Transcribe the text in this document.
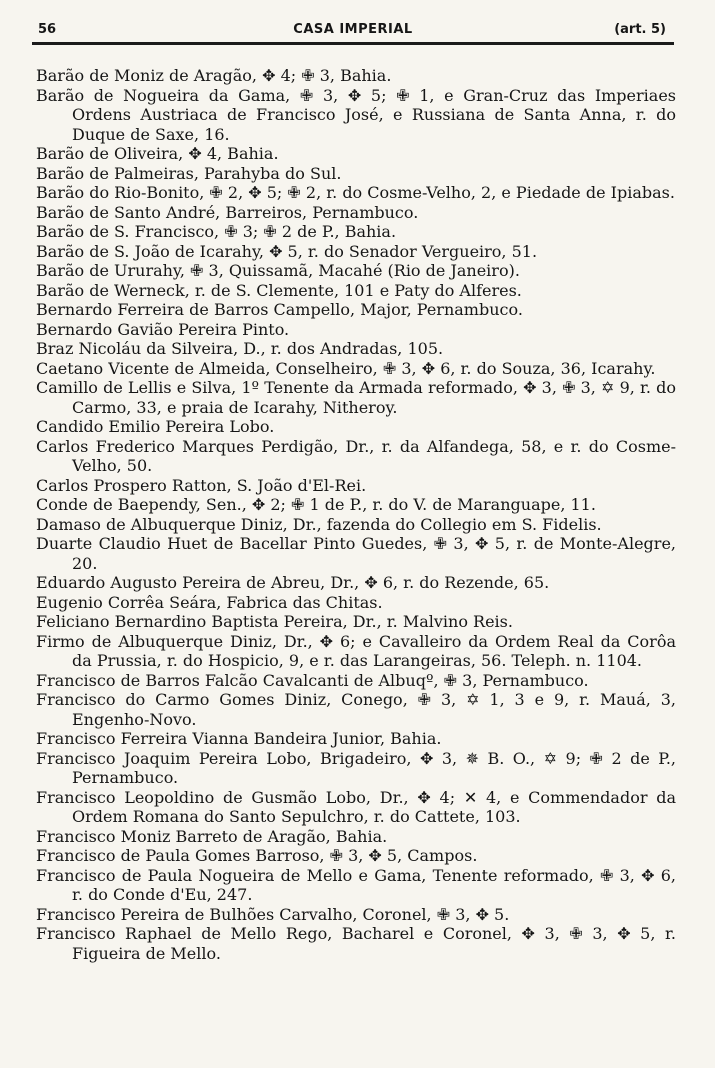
56	CASA IMPERIAL	(art. 5)

Barão de Moniz de Aragão, ✥ 4; ✙ 3, Bahia.

Barão de Nogueira da Gama, ✙ 3, ✥ 5; ✙ 1, e Gran-Cruz das Imperiaes Ordens Austriaca de Francisco José, e Russiana de Santa Anna, r. do Duque de Saxe, 16.

Barão de Oliveira, ✥ 4, Bahia.

Barão de Palmeiras, Parahyba do Sul.

Barão do Rio-Bonito, ✙ 2, ✥ 5; ✙ 2, r. do Cosme-Velho, 2, e Piedade de Ipiabas.

Barão de Santo André, Barreiros, Pernambuco.

Barão de S. Francisco, ✙ 3; ✙ 2 de P., Bahia.

Barão de S. João de Icarahy, ✥ 5, r. do Senador Vergueiro, 51.

Barão de Ururahy, ✙ 3, Quissamã, Macahé (Rio de Janeiro).

Barão de Werneck, r. de S. Clemente, 101 e Paty do Alferes.

Bernardo Ferreira de Barros Campello, Major, Pernambuco.

Bernardo Gavião Pereira Pinto.

Braz Nicoláu da Silveira, D., r. dos Andradas, 105.

Caetano Vicente de Almeida, Conselheiro, ✙ 3, ✥ 6, r. do Souza, 36, Icarahy.

Camillo de Lellis e Silva, 1º Tenente da Armada reformado, ✥ 3, ✙ 3, ✡ 9, r. do Carmo, 33, e praia de Icarahy, Nitheroy.

Candido Emilio Pereira Lobo.

Carlos Frederico Marques Perdigão, Dr., r. da Alfandega, 58, e r. do Cosme-Velho, 50.

Carlos Prospero Ratton, S. João d'El-Rei.

Conde de Baependy, Sen., ✥ 2; ✙ 1 de P., r. do V. de Maranguape, 11.

Damaso de Albuquerque Diniz, Dr., fazenda do Collegio em S. Fidelis.

Duarte Claudio Huet de Bacellar Pinto Guedes, ✙ 3, ✥ 5, r. de Monte-Alegre, 20.

Eduardo Augusto Pereira de Abreu, Dr., ✥ 6, r. do Rezende, 65.

Eugenio Corrêa Seára, Fabrica das Chitas.

Feliciano Bernardino Baptista Pereira, Dr., r. Malvino Reis.

Firmo de Albuquerque Diniz, Dr., ✥ 6; e Cavalleiro da Ordem Real da Corôa da Prussia, r. do Hospicio, 9, e r. das Larangeiras, 56. Teleph. n. 1104.

Francisco de Barros Falcão Cavalcanti de Albuqº, ✙ 3, Pernambuco.

Francisco do Carmo Gomes Diniz, Conego, ✙ 3, ✡ 1, 3 e 9, r. Mauá, 3, Engenho-Novo.

Francisco Ferreira Vianna Bandeira Junior, Bahia.

Francisco Joaquim Pereira Lobo, Brigadeiro, ✥ 3, ✵ B. O., ✡ 9; ✙ 2 de P., Pernambuco.

Francisco Leopoldino de Gusmão Lobo, Dr., ✥ 4; ✕ 4, e Commendador da Ordem Romana do Santo Sepulchro, r. do Cattete, 103.

Francisco Moniz Barreto de Aragão, Bahia.

Francisco de Paula Gomes Barroso, ✙ 3, ✥ 5, Campos.

Francisco de Paula Nogueira de Mello e Gama, Tenente reformado, ✙ 3, ✥ 6, r. do Conde d'Eu, 247.

Francisco Pereira de Bulhões Carvalho, Coronel, ✙ 3, ✥ 5.

Francisco Raphael de Mello Rego, Bacharel e Coronel, ✥ 3, ✙ 3, ✥ 5, r. Figueira de Mello.
